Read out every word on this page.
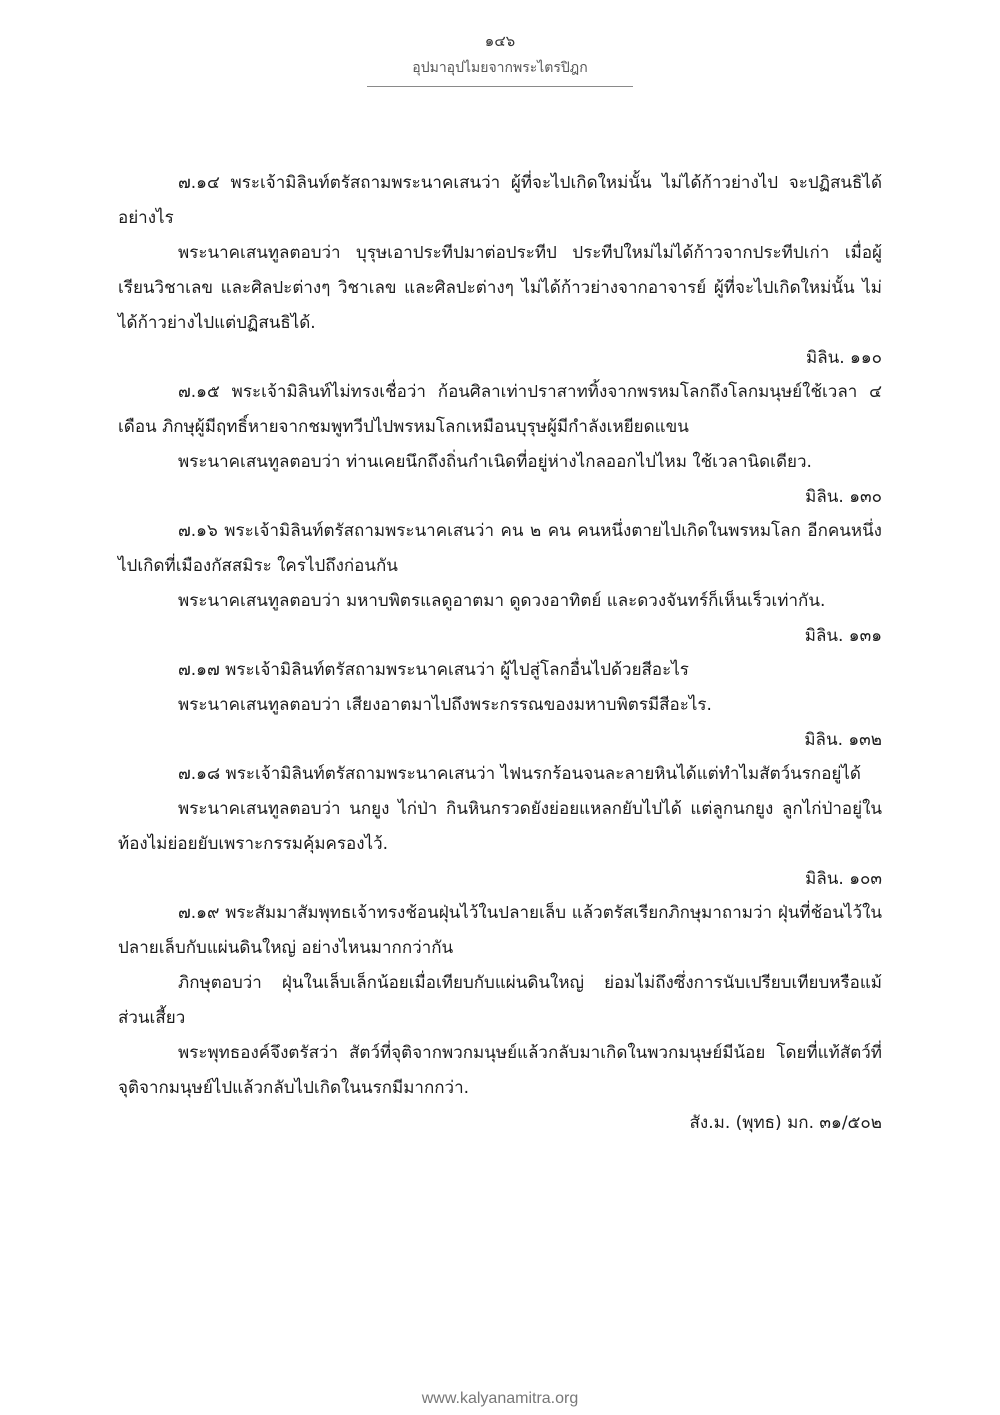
๑๔๖
อุปมาอุปไมยจากพระไตรปิฎก

๗.๑๔ พระเจ้ามิลินท์ตรัสถามพระนาคเสนว่า ผู้ที่จะไปเกิดใหม่นั้น ไม่ได้ก้าวย่างไป จะปฏิสนธิได้อย่างไร

พระนาคเสนทูลตอบว่า บุรุษเอาประทีปมาต่อประทีป ประทีปใหม่ไม่ได้ก้าวจากประทีปเก่า เมื่อผู้เรียนวิชาเลข และศิลปะต่างๆ วิชาเลข และศิลปะต่างๆ ไม่ได้ก้าวย่างจากอาจารย์ ผู้ที่จะไปเกิดใหม่นั้น ไม่ได้ก้าวย่างไปแต่ปฏิสนธิได้.

มิลิน. ๑๑๐

๗.๑๕ พระเจ้ามิลินท์ไม่ทรงเชื่อว่า ก้อนศิลาเท่าปราสาททิ้งจากพรหมโลกถึงโลกมนุษย์ใช้เวลา ๔ เดือน ภิกษุผู้มีฤทธิ์หายจากชมพูทวีปไปพรหมโลกเหมือนบุรุษผู้มีกำลังเหยียดแขน

พระนาคเสนทูลตอบว่า ท่านเคยนึกถึงถิ่นกำเนิดที่อยู่ห่างไกลออกไปไหม ใช้เวลานิดเดียว.

มิลิน. ๑๓๐

๗.๑๖ พระเจ้ามิลินท์ตรัสถามพระนาคเสนว่า คน ๒ คน คนหนึ่งตายไปเกิดในพรหมโลก อีกคนหนึ่งไปเกิดที่เมืองกัสสมิระ ใครไปถึงก่อนกัน

พระนาคเสนทูลตอบว่า มหาบพิตรแลดูอาตมา ดูดวงอาทิตย์ และดวงจันทร์ก็เห็นเร็วเท่ากัน.

มิลิน. ๑๓๑

๗.๑๗ พระเจ้ามิลินท์ตรัสถามพระนาคเสนว่า ผู้ไปสู่โลกอื่นไปด้วยสีอะไร

พระนาคเสนทูลตอบว่า เสียงอาตมาไปถึงพระกรรณของมหาบพิตรมีสีอะไร.

มิลิน. ๑๓๒

๗.๑๘ พระเจ้ามิลินท์ตรัสถามพระนาคเสนว่า ไฟนรกร้อนจนละลายหินได้แต่ทำไมสัตว์นรกอยู่ได้

พระนาคเสนทูลตอบว่า นกยูง ไก่ป่า กินหินกรวดยังย่อยแหลกยับไปได้ แต่ลูกนกยูง ลูกไก่ป่าอยู่ในท้องไม่ย่อยยับเพราะกรรมคุ้มครองไว้.

มิลิน. ๑๐๓

๗.๑๙ พระสัมมาสัมพุทธเจ้าทรงช้อนฝุ่นไว้ในปลายเล็บ แล้วตรัสเรียกภิกษุมาถามว่า ฝุ่นที่ช้อนไว้ในปลายเล็บกับแผ่นดินใหญ่ อย่างไหนมากกว่ากัน

ภิกษุตอบว่า ฝุ่นในเล็บเล็กน้อยเมื่อเทียบกับแผ่นดินใหญ่ ย่อมไม่ถึงซึ่งการนับเปรียบเทียบหรือแม้ส่วนเสี้ยว

พระพุทธองค์จึงตรัสว่า สัตว์ที่จุติจากพวกมนุษย์แล้วกลับมาเกิดในพวกมนุษย์มีน้อย โดยที่แท้สัตว์ที่จุติจากมนุษย์ไปแล้วกลับไปเกิดในนรกมีมากกว่า.

สัง.ม. (พุทธ) มก. ๓๑/๕๐๒

www.kalyanamitra.org
